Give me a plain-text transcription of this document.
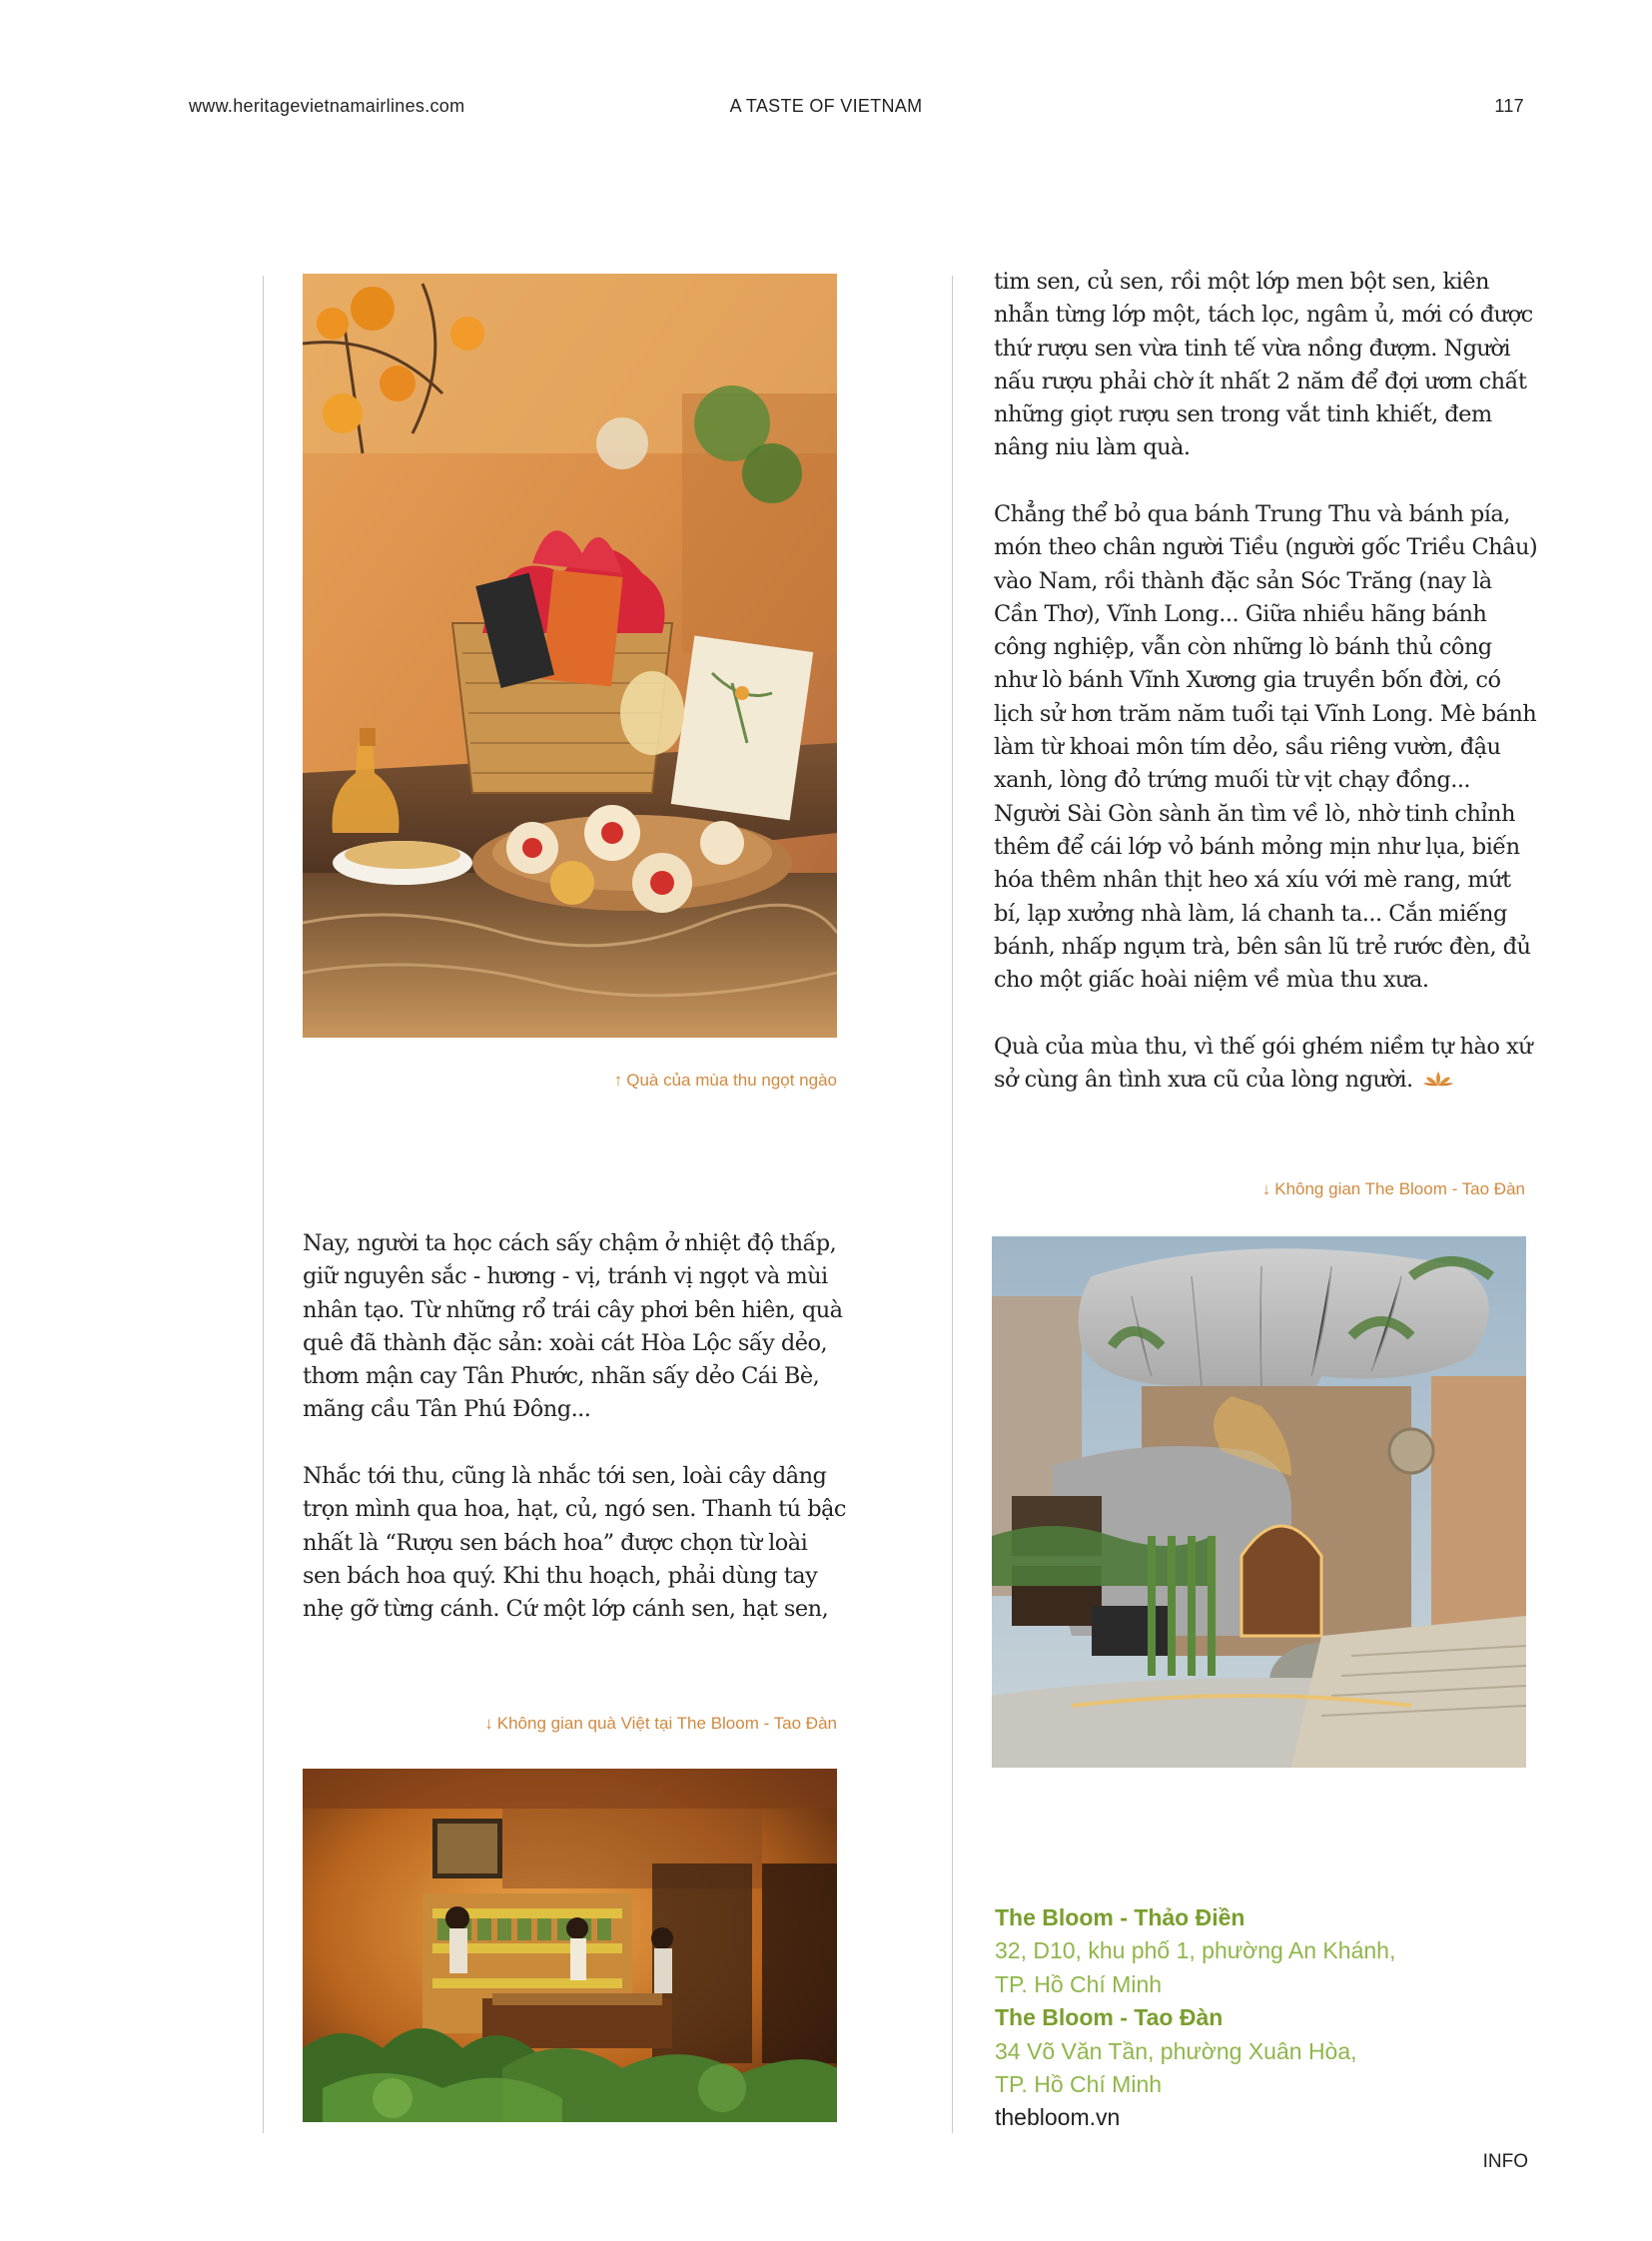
www.heritagevietnamairlines.com	A TASTE OF VIETNAM	117
↑ Quà của mùa thu ngọt ngào
tim sen, củ sen, rồi một lớp men bột sen, kiên nhẫn từng lớp một, tách lọc, ngâm ủ, mới có được thứ rượu sen vừa tinh tế vừa nồng đượm. Người nấu rượu phải chờ ít nhất 2 năm để đợi ươm chất những giọt rượu sen trong vắt tinh khiết, đem nâng niu làm quà.
Chẳng thể bỏ qua bánh Trung Thu và bánh pía, món theo chân người Tiều (người gốc Triều Châu) vào Nam, rồi thành đặc sản Sóc Trăng (nay là Cần Thơ), Vĩnh Long... Giữa nhiều hãng bánh công nghiệp, vẫn còn những lò bánh thủ công như lò bánh Vĩnh Xương gia truyền bốn đời, có lịch sử hơn trăm năm tuổi tại Vĩnh Long. Mè bánh làm từ khoai môn tím dẻo, sầu riêng vườn, đậu xanh, lòng đỏ trứng muối từ vịt chạy đồng... Người Sài Gòn sành ăn tìm về lò, nhờ tinh chỉnh thêm để cái lớp vỏ bánh mỏng mịn như lụa, biến hóa thêm nhân thịt heo xá xíu với mè rang, mứt bí, lạp xưởng nhà làm, lá chanh ta... Cắn miếng bánh, nhấp ngụm trà, bên sân lũ trẻ rước đèn, đủ cho một giấc hoài niệm về mùa thu xưa.
Quà của mùa thu, vì thế gói ghém niềm tự hào xứ sở cùng ân tình xưa cũ của lòng người.
↓ Không gian The Bloom - Tao Đàn
Nay, người ta học cách sấy chậm ở nhiệt độ thấp, giữ nguyên sắc - hương - vị, tránh vị ngọt và mùi nhân tạo. Từ những rổ trái cây phơi bên hiên, quà quê đã thành đặc sản: xoài cát Hòa Lộc sấy dẻo, thơm mận cay Tân Phước, nhãn sấy dẻo Cái Bè, mãng cầu Tân Phú Đông...
Nhắc tới thu, cũng là nhắc tới sen, loài cây dâng trọn mình qua hoa, hạt, củ, ngó sen. Thanh tú bậc nhất là “Rượu sen bách hoa” được chọn từ loài sen bách hoa quý. Khi thu hoạch, phải dùng tay nhẹ gỡ từng cánh. Cứ một lớp cánh sen, hạt sen,
↓ Không gian quà Việt tại The Bloom - Tao Đàn
The Bloom - Thảo Điền
32, D10, khu phố 1, phường An Khánh,
TP. Hồ Chí Minh
The Bloom - Tao Đàn
34 Võ Văn Tần, phường Xuân Hòa,
TP. Hồ Chí Minh
thebloom.vn
INFO
